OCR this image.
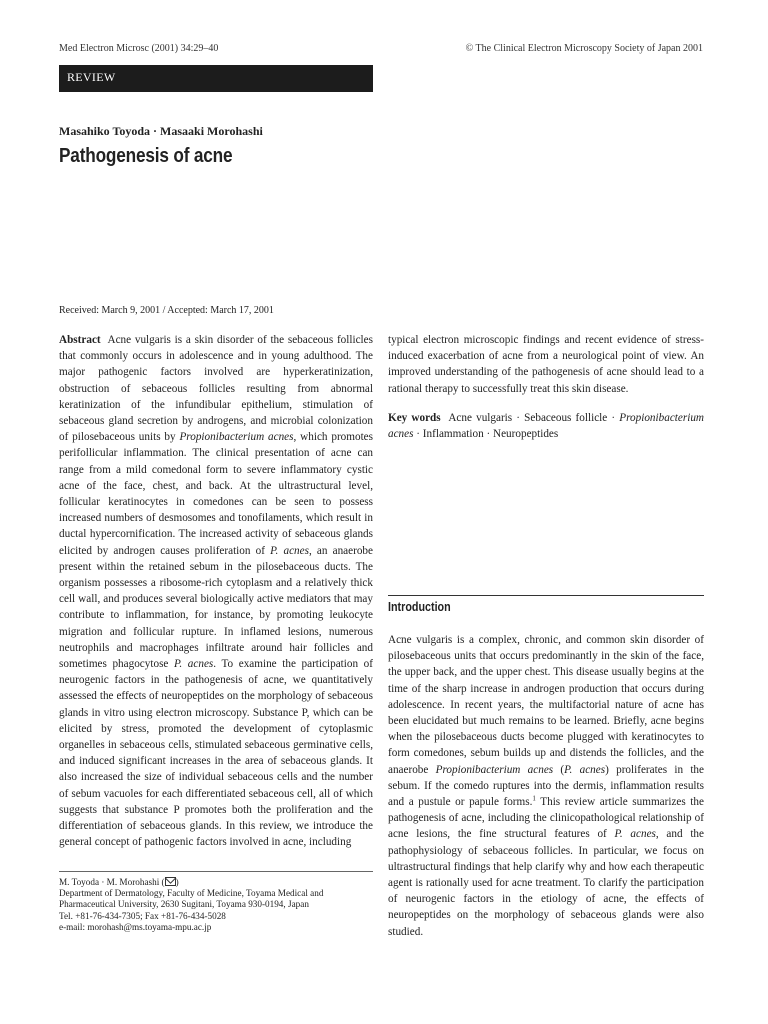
Med Electron Microsc (2001) 34:29–40	© The Clinical Electron Microscopy Society of Japan 2001
REVIEW
Masahiko Toyoda · Masaaki Morohashi
Pathogenesis of acne
Received: March 9, 2001 / Accepted: March 17, 2001

Abstract Acne vulgaris is a skin disorder of the sebaceous follicles that commonly occurs in adolescence and in young adulthood. The major pathogenic factors involved are hyperkeratinization, obstruction of sebaceous follicles resulting from abnormal keratinization of the infundibular epithelium, stimulation of sebaceous gland secretion by androgens, and microbial colonization of pilosebaceous units by Propionibacterium acnes, which promotes perifollicular inflammation. The clinical presentation of acne can range from a mild comedonal form to severe inflammatory cystic acne of the face, chest, and back. At the ultrastructural level, follicular keratinocytes in comedones can be seen to possess increased numbers of desmosomes and tonofilaments, which result in ductal hypercornification. The increased activity of sebaceous glands elicited by androgen causes proliferation of P. acnes, an anaerobe present within the retained sebum in the pilosebaceous ducts. The organism possesses a ribosome-rich cytoplasm and a relatively thick cell wall, and produces several biologically active mediators that may contribute to inflammation, for instance, by promoting leukocyte migration and follicular rupture. In inflamed lesions, numerous neutrophils and macrophages infiltrate around hair follicles and sometimes phagocytose P. acnes. To examine the participation of neurogenic factors in the pathogenesis of acne, we quantitatively assessed the effects of neuropeptides on the morphology of sebaceous glands in vitro using electron microscopy. Substance P, which can be elicited by stress, promoted the development of cytoplasmic organelles in sebaceous cells, stimulated sebaceous germinative cells, and induced significant increases in the area of sebaceous glands. It also increased the size of individual sebaceous cells and the number of sebum vacuoles for each differentiated sebaceous cell, all of which suggests that substance P promotes both the proliferation and the differentiation of sebaceous glands. In this review, we introduce the general concept of pathogenic factors involved in acne, including

typical electron microscopic findings and recent evidence of stress-induced exacerbation of acne from a neurological point of view. An improved understanding of the pathogenesis of acne should lead to a rational therapy to successfully treat this skin disease.

Key words Acne vulgaris · Sebaceous follicle · Propionibacterium acnes · Inflammation · Neuropeptides

Introduction

Acne vulgaris is a complex, chronic, and common skin disorder of pilosebaceous units that occurs predominantly in the skin of the face, the upper back, and the upper chest. This disease usually begins at the time of the sharp increase in androgen production that occurs during adolescence. In recent years, the multifactorial nature of acne has been elucidated but much remains to be learned. Briefly, acne begins when the pilosebaceous ducts become plugged with keratinocytes to form comedones, sebum builds up and distends the follicles, and the anaerobe Propionibacterium acnes (P. acnes) proliferates in the sebum. If the comedo ruptures into the dermis, inflammation results and a pustule or papule forms.$^1$ This review article summarizes the pathogenesis of acne, including the clinicopathological relationship of acne lesions, the fine structural features of P. acnes, and the pathophysiology of sebaceous follicles. In particular, we focus on ultrastructural findings that help clarify why and how each therapeutic agent is rationally used for acne treatment. To clarify the participation of neurogenic factors in the etiology of acne, the effects of neuropeptides on the morphology of sebaceous glands were also studied.

M. Toyoda · M. Morohashi ( )
Department of Dermatology, Faculty of Medicine, Toyama Medical and Pharmaceutical University, 2630 Sugitani, Toyama 930-0194, Japan
Tel. +81-76-434-7305; Fax +81-76-434-5028
e-mail: morohash@ms.toyama-mpu.ac.jp
